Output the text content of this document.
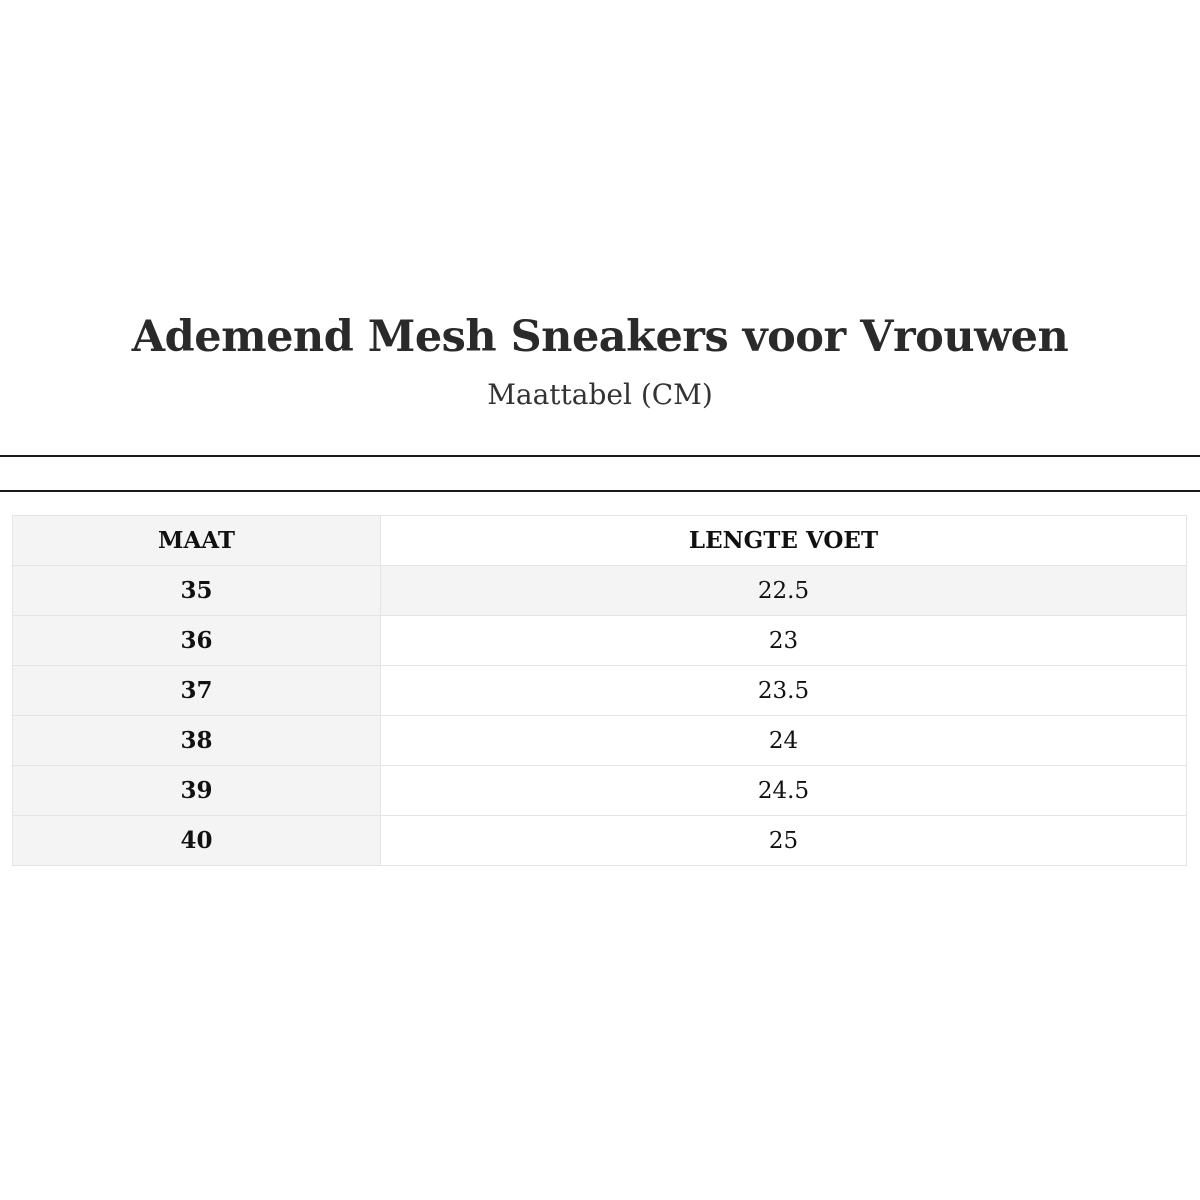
Ademend Mesh Sneakers voor Vrouwen
Maattabel (CM)
MAAT	LENGTE VOET
35	22.5
36	23
37	23.5
38	24
39	24.5
40	25
